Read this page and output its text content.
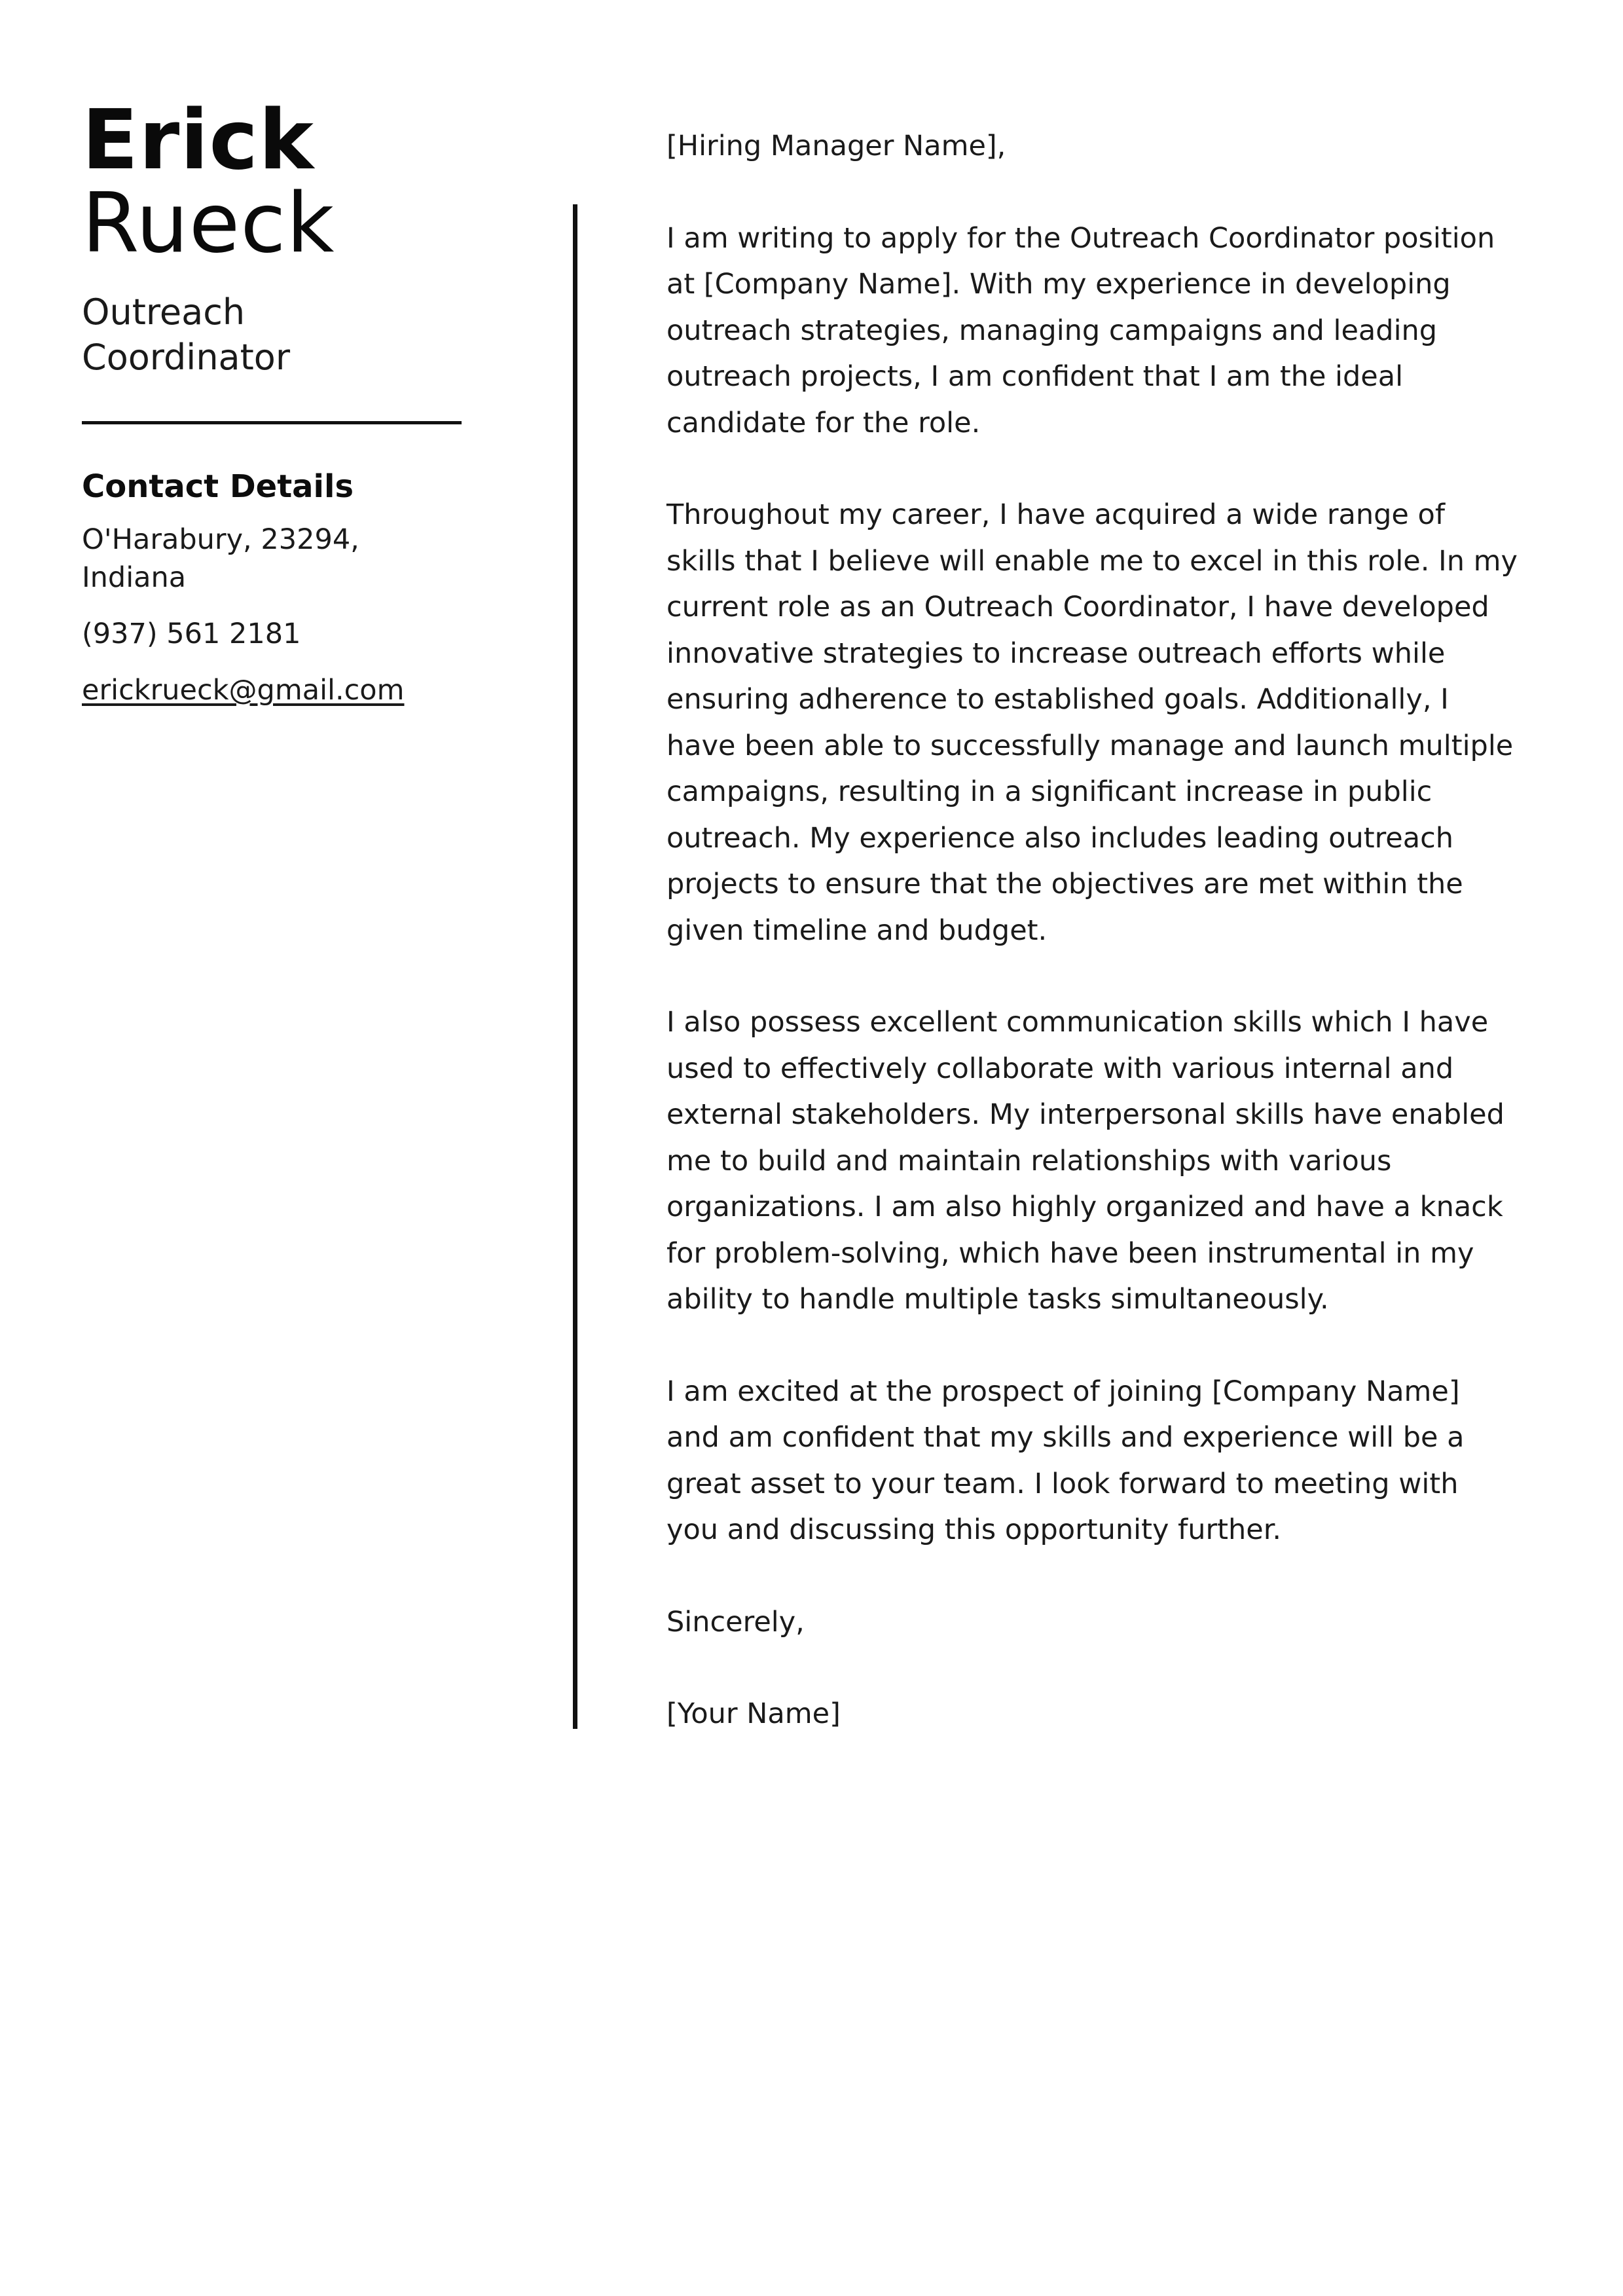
Erick
Rueck
Outreach Coordinator
Contact Details
O'Harabury, 23294, Indiana
(937) 561 2181
erickrueck@gmail.com

[Hiring Manager Name],

I am writing to apply for the Outreach Coordinator position at [Company Name]. With my experience in developing outreach strategies, managing campaigns and leading outreach projects, I am confident that I am the ideal candidate for the role.

Throughout my career, I have acquired a wide range of skills that I believe will enable me to excel in this role. In my current role as an Outreach Coordinator, I have developed innovative strategies to increase outreach efforts while ensuring adherence to established goals. Additionally, I have been able to successfully manage and launch multiple campaigns, resulting in a significant increase in public outreach. My experience also includes leading outreach projects to ensure that the objectives are met within the given timeline and budget.

I also possess excellent communication skills which I have used to effectively collaborate with various internal and external stakeholders. My interpersonal skills have enabled me to build and maintain relationships with various organizations. I am also highly organized and have a knack for problem-solving, which have been instrumental in my ability to handle multiple tasks simultaneously.

I am excited at the prospect of joining [Company Name] and am confident that my skills and experience will be a great asset to your team. I look forward to meeting with you and discussing this opportunity further.

Sincerely,

[Your Name]
